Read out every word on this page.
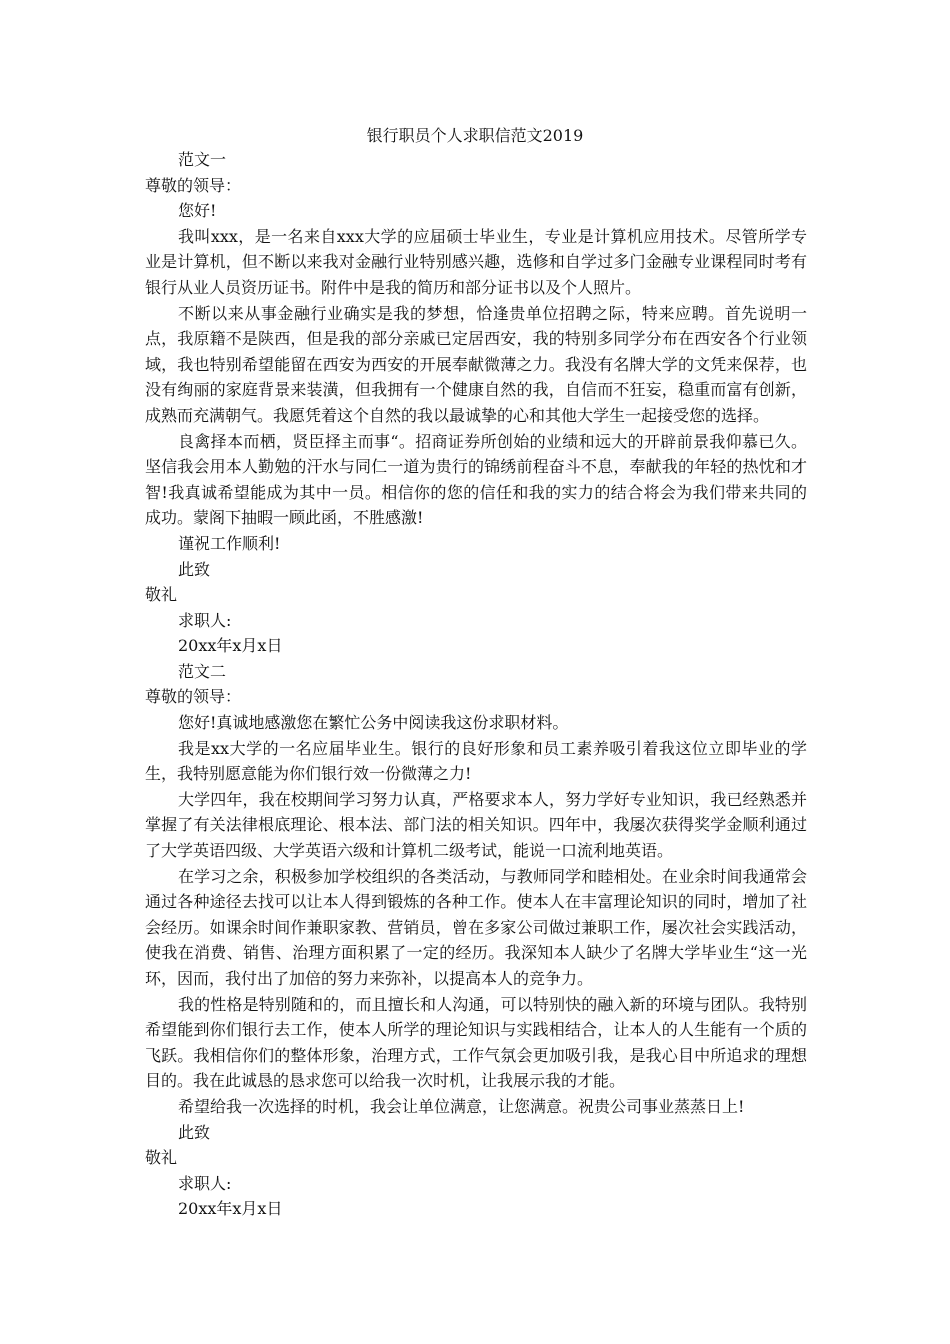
银行职员个人求职信范文2019

范文一

尊敬的领导：

您好!

我叫xxx，是一名来自xxx大学的应届硕士毕业生，专业是计算机应用技术。尽管所学专业是计算机，但不断以来我对金融行业特别感兴趣，选修和自学过多门金融专业课程同时考有银行从业人员资历证书。附件中是我的简历和部分证书以及个人照片。

不断以来从事金融行业确实是我的梦想，恰逢贵单位招聘之际，特来应聘。首先说明一点，我原籍不是陕西，但是我的部分亲戚已定居西安，我的特别多同学分布在西安各个行业领域，我也特别希望能留在西安为西安的开展奉献微薄之力。我没有名牌大学的文凭来保荐，也没有绚丽的家庭背景来装潢，但我拥有一个健康自然的我，自信而不狂妄，稳重而富有创新，成熟而充满朝气。我愿凭着这个自然的我以最诚挚的心和其他大学生一起接受您的选择。

良禽择本而栖，贤臣择主而事“。招商证券所创始的业绩和远大的开辟前景我仰慕已久。坚信我会用本人勤勉的汗水与同仁一道为贵行的锦绣前程奋斗不息，奉献我的年轻的热忱和才智!我真诚希望能成为其中一员。相信你的您的信任和我的实力的结合将会为我们带来共同的成功。蒙阁下抽暇一顾此函，不胜感激!

谨祝工作顺利!

此致

敬礼

求职人:

20xx年x月x日

范文二

尊敬的领导：

您好!真诚地感激您在繁忙公务中阅读我这份求职材料。

我是xx大学的一名应届毕业生。银行的良好形象和员工素养吸引着我这位立即毕业的学生，我特别愿意能为你们银行效一份微薄之力!

大学四年，我在校期间学习努力认真，严格要求本人，努力学好专业知识，我已经熟悉并掌握了有关法律根底理论、根本法、部门法的相关知识。四年中，我屡次获得奖学金顺利通过了大学英语四级、大学英语六级和计算机二级考试，能说一口流利地英语。

在学习之余，积极参加学校组织的各类活动，与教师同学和睦相处。在业余时间我通常会通过各种途径去找可以让本人得到锻炼的各种工作。使本人在丰富理论知识的同时，增加了社会经历。如课余时间作兼职家教、营销员，曾在多家公司做过兼职工作，屡次社会实践活动，使我在消费、销售、治理方面积累了一定的经历。我深知本人缺少了名牌大学毕业生“这一光环，因而，我付出了加倍的努力来弥补，以提高本人的竞争力。

我的性格是特别随和的，而且擅长和人沟通，可以特别快的融入新的环境与团队。我特别希望能到你们银行去工作，使本人所学的理论知识与实践相结合，让本人的人生能有一个质的飞跃。我相信你们的整体形象，治理方式，工作气氛会更加吸引我，是我心目中所追求的理想目的。我在此诚恳的恳求您可以给我一次时机，让我展示我的才能。

希望给我一次选择的时机，我会让单位满意，让您满意。祝贵公司事业蒸蒸日上!

此致

敬礼

求职人:

20xx年x月x日
